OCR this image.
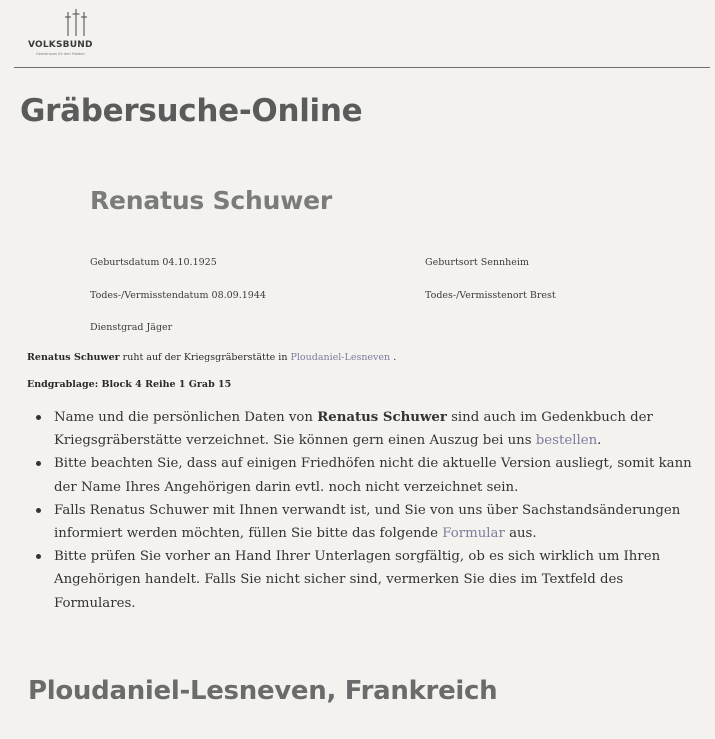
VOLKSBUND
Gemeinsam für den Frieden
Gräbersuche-Online
Renatus Schuwer
Geburtsdatum 04.10.1925	Geburtsort Sennheim
Todes-/Vermisstendatum 08.09.1944	Todes-/Vermisstenort Brest
Dienstgrad Jäger
Renatus Schuwer ruht auf der Kriegsgräberstätte in Ploudaniel-Lesneven .
Endgrablage: Block 4 Reihe 1 Grab 15
Name und die persönlichen Daten von Renatus Schuwer sind auch im Gedenkbuch der Kriegsgräberstätte verzeichnet. Sie können gern einen Auszug bei uns bestellen.
Bitte beachten Sie, dass auf einigen Friedhöfen nicht die aktuelle Version ausliegt, somit kann der Name Ihres Angehörigen darin evtl. noch nicht verzeichnet sein.
Falls Renatus Schuwer mit Ihnen verwandt ist, und Sie von uns über Sachstandsänderungen informiert werden möchten, füllen Sie bitte das folgende Formular aus.
Bitte prüfen Sie vorher an Hand Ihrer Unterlagen sorgfältig, ob es sich wirklich um Ihren Angehörigen handelt. Falls Sie nicht sicher sind, vermerken Sie dies im Textfeld des Formulares.
Ploudaniel-Lesneven, Frankreich
